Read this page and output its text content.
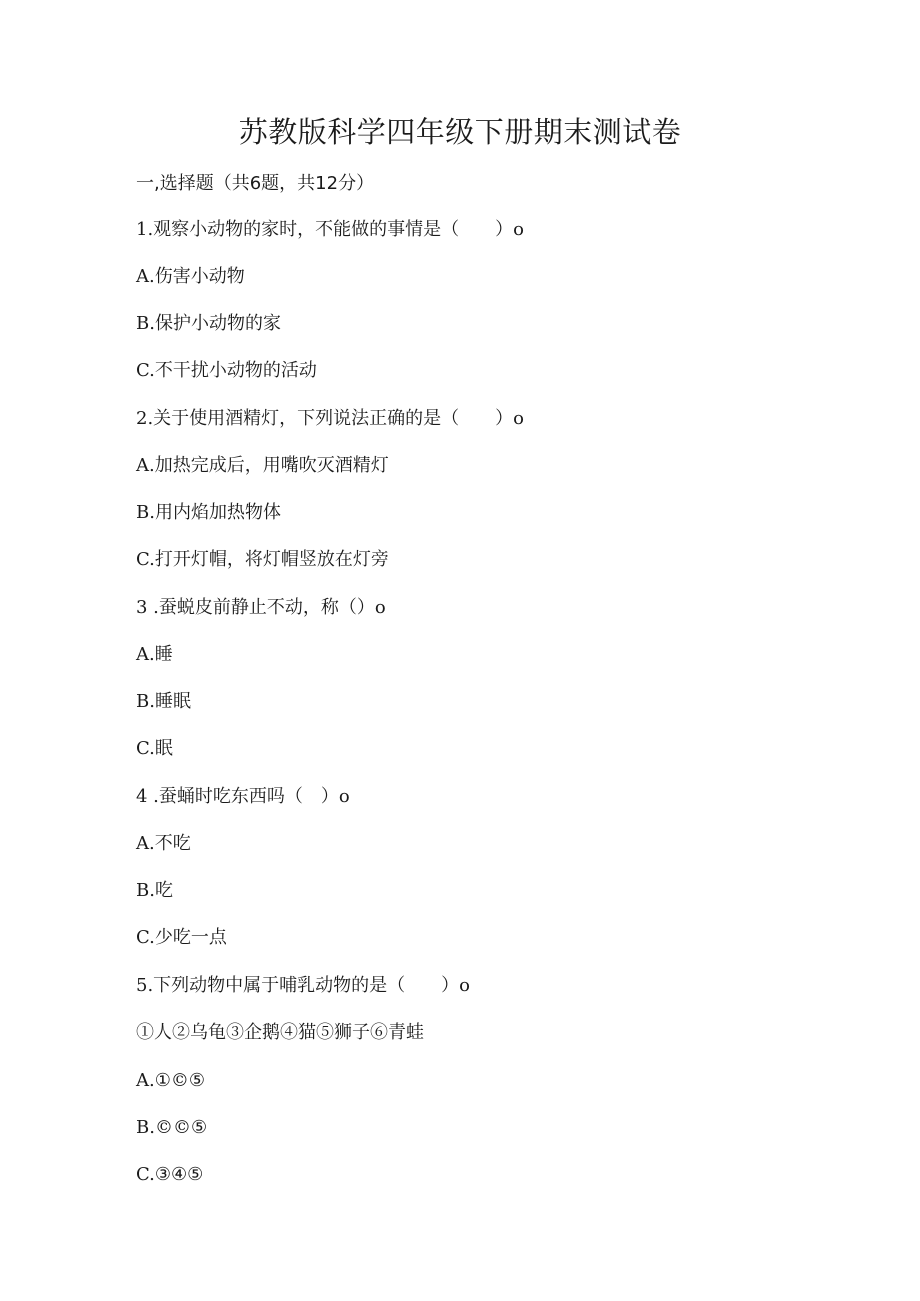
苏教版科学四年级下册期末测试卷
一,选择题（共6题，共12分）
1.观察小动物的家时，不能做的事情是（　　）o
A.伤害小动物
B.保护小动物的家
C.不干扰小动物的活动
2.关于使用酒精灯，下列说法正确的是（　　）o
A.加热完成后，用嘴吹灭酒精灯
B.用内焰加热物体
C.打开灯帽，将灯帽竖放在灯旁
3 .蚕蜕皮前静止不动，称（）o
A.睡
B.睡眠
C.眠
4 .蚕蛹时吃东西吗（　）o
A.不吃
B.吃
C.少吃一点
5.下列动物中属于哺乳动物的是（　　）o
①人②乌龟③企鹅④猫⑤狮子⑥青蛙
A.①©⑤
B.©©⑤
C.③④⑤
